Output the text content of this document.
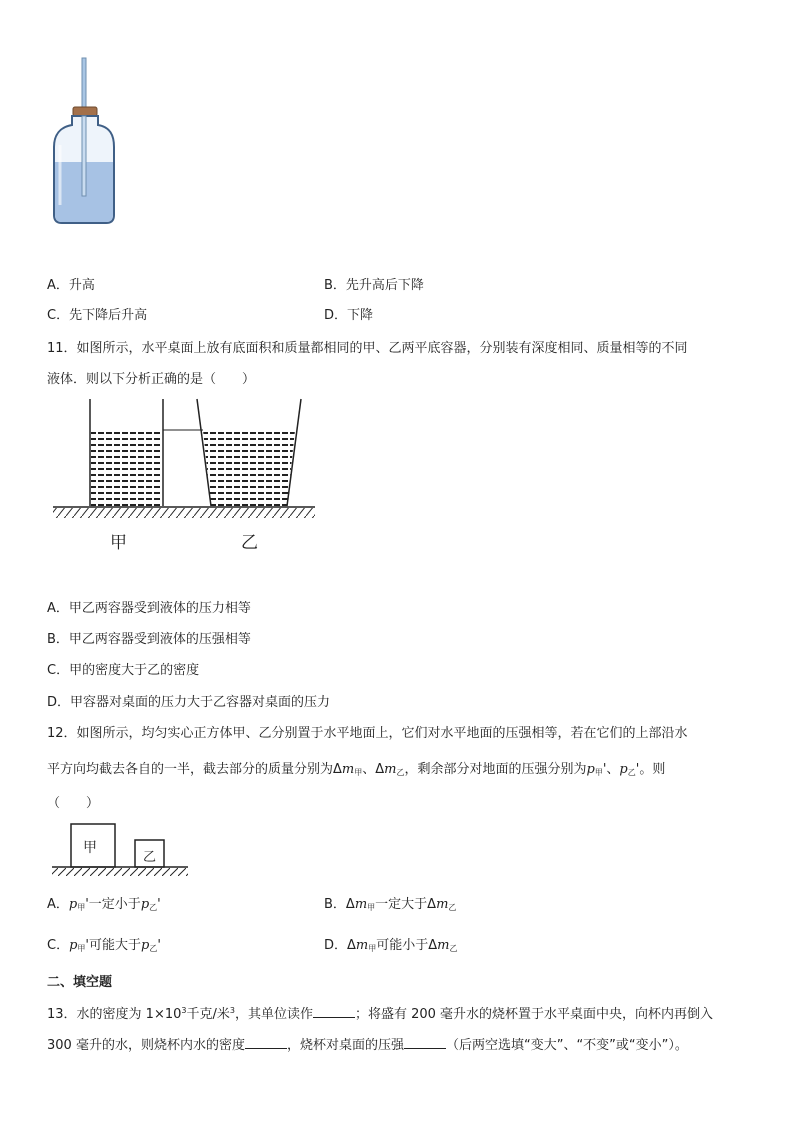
A．升高	B．先升高后下降
C．先下降后升高	D．下降
11．如图所示，水平桌面上放有底面积和质量都相同的甲、乙两平底容器，分别装有深度相同、质量相等的不同
液体．则以下分析正确的是（　　）
甲	乙
A．甲乙两容器受到液体的压力相等
B．甲乙两容器受到液体的压强相等
C．甲的密度大于乙的密度
D．甲容器对桌面的压力大于乙容器对桌面的压力
12．如图所示，均匀实心正方体甲、乙分别置于水平地面上，它们对水平地面的压强相等，若在它们的上部沿水
平方向均截去各自的一半，截去部分的质量分别为$\Delta m_甲$、$\Delta m_乙$，剩余部分对地面的压强分别为$p_甲'$、$p_乙'$。则
（　　）
甲
乙
A．$p_甲'$一定小于$p_乙'$	B．$\Delta m_甲$一定大于$\Delta m_乙$
C．$p_甲'$可能大于$p_乙'$	D．$\Delta m_甲$可能小于$\Delta m_乙$
二、填空题
13．水的密度为 $1\times 10^3$千克/米$^3$，其单位读作	；将盛有 200 毫升水的烧杯置于水平桌面中央，向杯内再倒入
300 毫升的水，则烧杯内水的密度	，烧杯对桌面的压强	（后两空选填“变大”、“不变”或“变小”）。
